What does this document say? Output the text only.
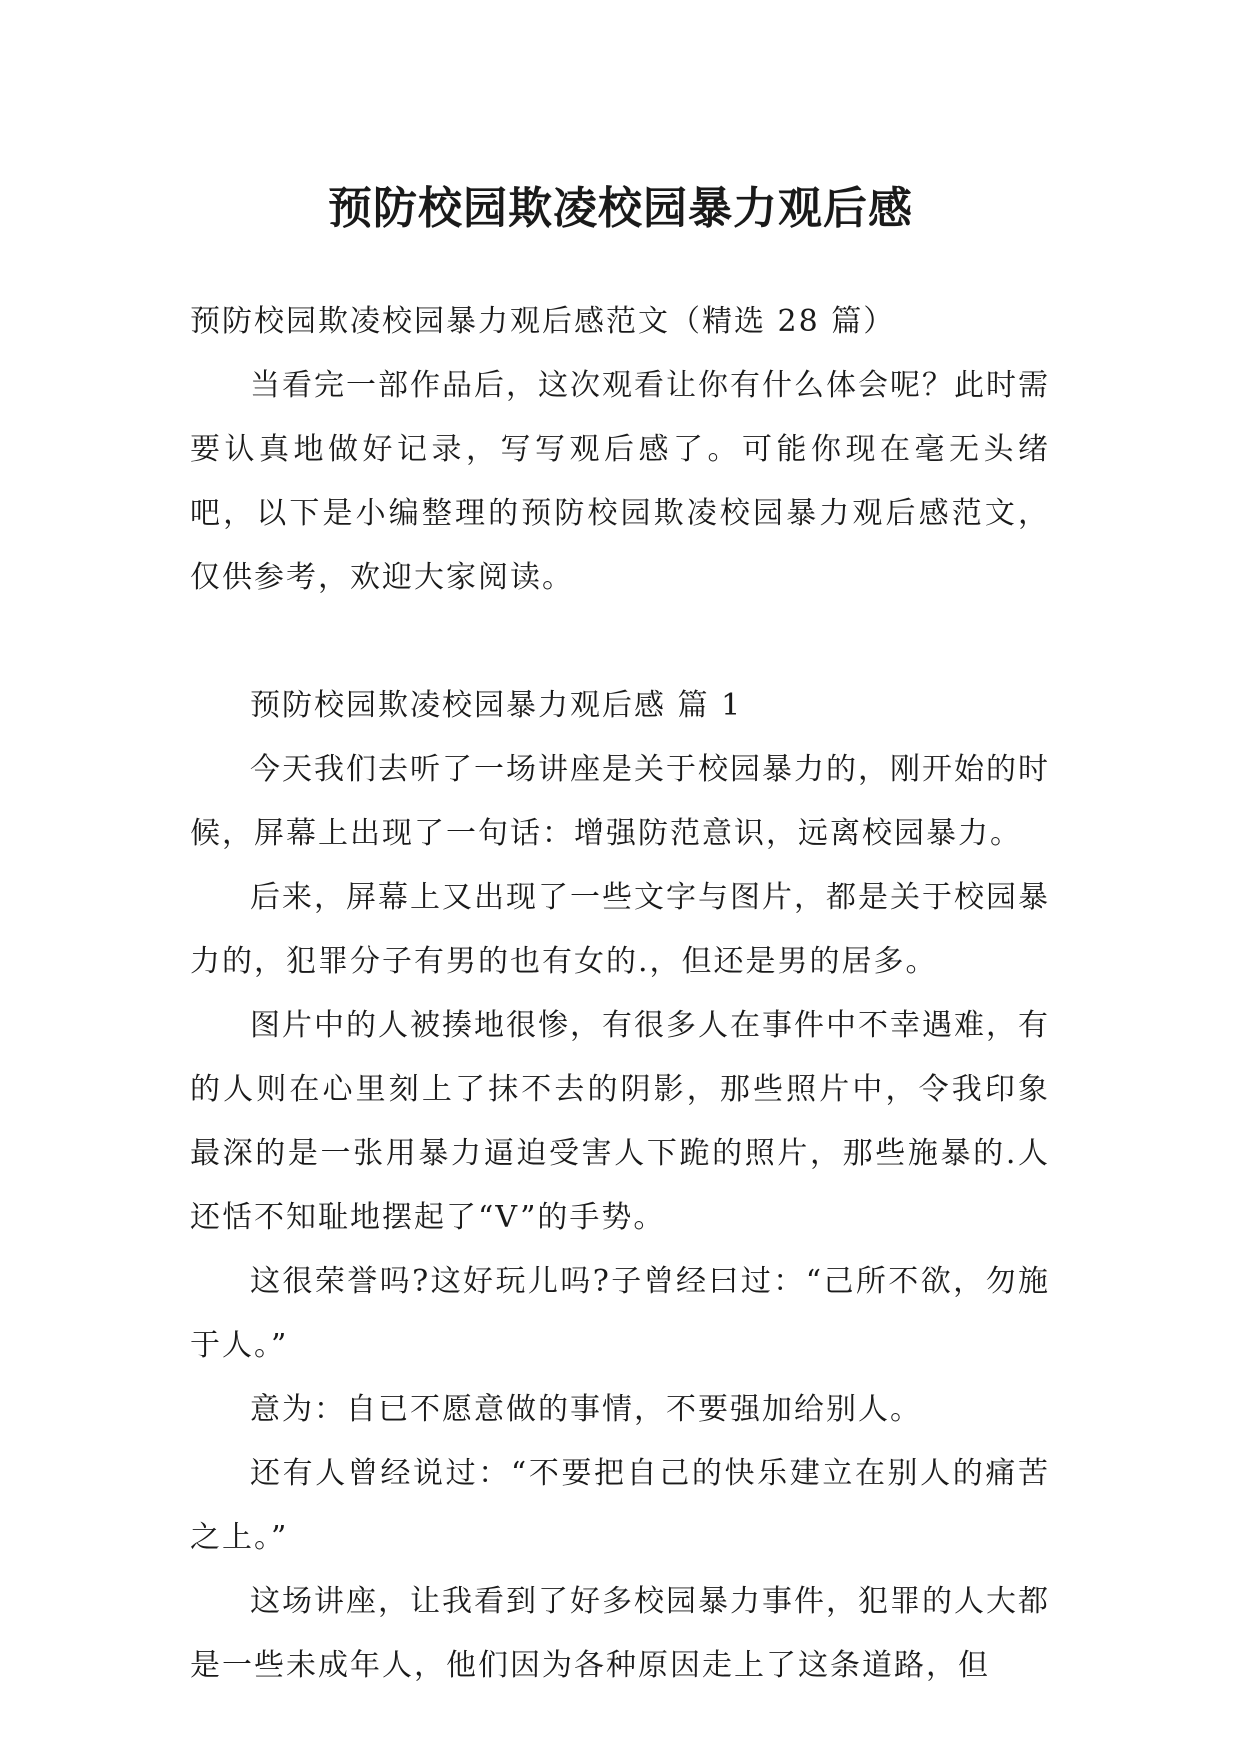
预防校园欺凌校园暴力观后感

预防校园欺凌校园暴力观后感范文（精选 28 篇）

当看完一部作品后，这次观看让你有什么体会呢？此时需要认真地做好记录，写写观后感了。可能你现在毫无头绪吧，以下是小编整理的预防校园欺凌校园暴力观后感范文，仅供参考，欢迎大家阅读。

预防校园欺凌校园暴力观后感 篇 1

今天我们去听了一场讲座是关于校园暴力的，刚开始的时候，屏幕上出现了一句话：增强防范意识，远离校园暴力。

后来，屏幕上又出现了一些文字与图片，都是关于校园暴力的，犯罪分子有男的也有女的.，但还是男的居多。

图片中的人被揍地很惨，有很多人在事件中不幸遇难，有的人则在心里刻上了抹不去的阴影，那些照片中，令我印象最深的是一张用暴力逼迫受害人下跪的照片，那些施暴的.人还恬不知耻地摆起了“V”的手势。

这很荣誉吗?这好玩儿吗?子曾经曰过：“己所不欲，勿施于人。”

意为：自已不愿意做的事情，不要强加给别人。

还有人曾经说过：“不要把自己的快乐建立在别人的痛苦之上。”

这场讲座，让我看到了好多校园暴力事件，犯罪的人大都是一些未成年人，他们因为各种原因走上了这条道路，但
